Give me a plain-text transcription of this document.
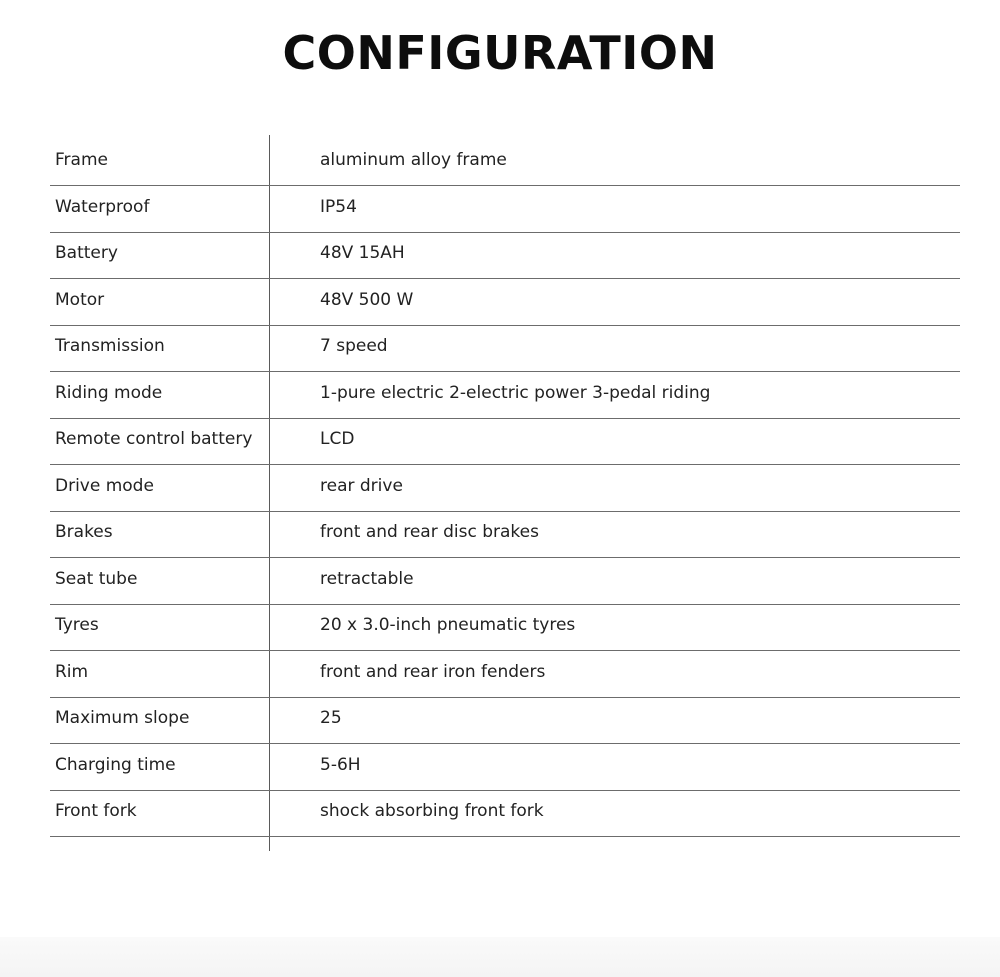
CONFIGURATION
Frame	aluminum alloy frame
Waterproof	IP54
Battery	48V 15AH
Motor	48V 500 W
Transmission	7 speed
Riding mode	1-pure electric 2-electric power 3-pedal riding
Remote control battery	LCD
Drive mode	rear drive
Brakes	front and rear disc brakes
Seat tube	retractable
Tyres	20 x 3.0-inch pneumatic tyres
Rim	front and rear iron fenders
Maximum slope	25
Charging time	5-6H
Front fork	shock absorbing front fork
